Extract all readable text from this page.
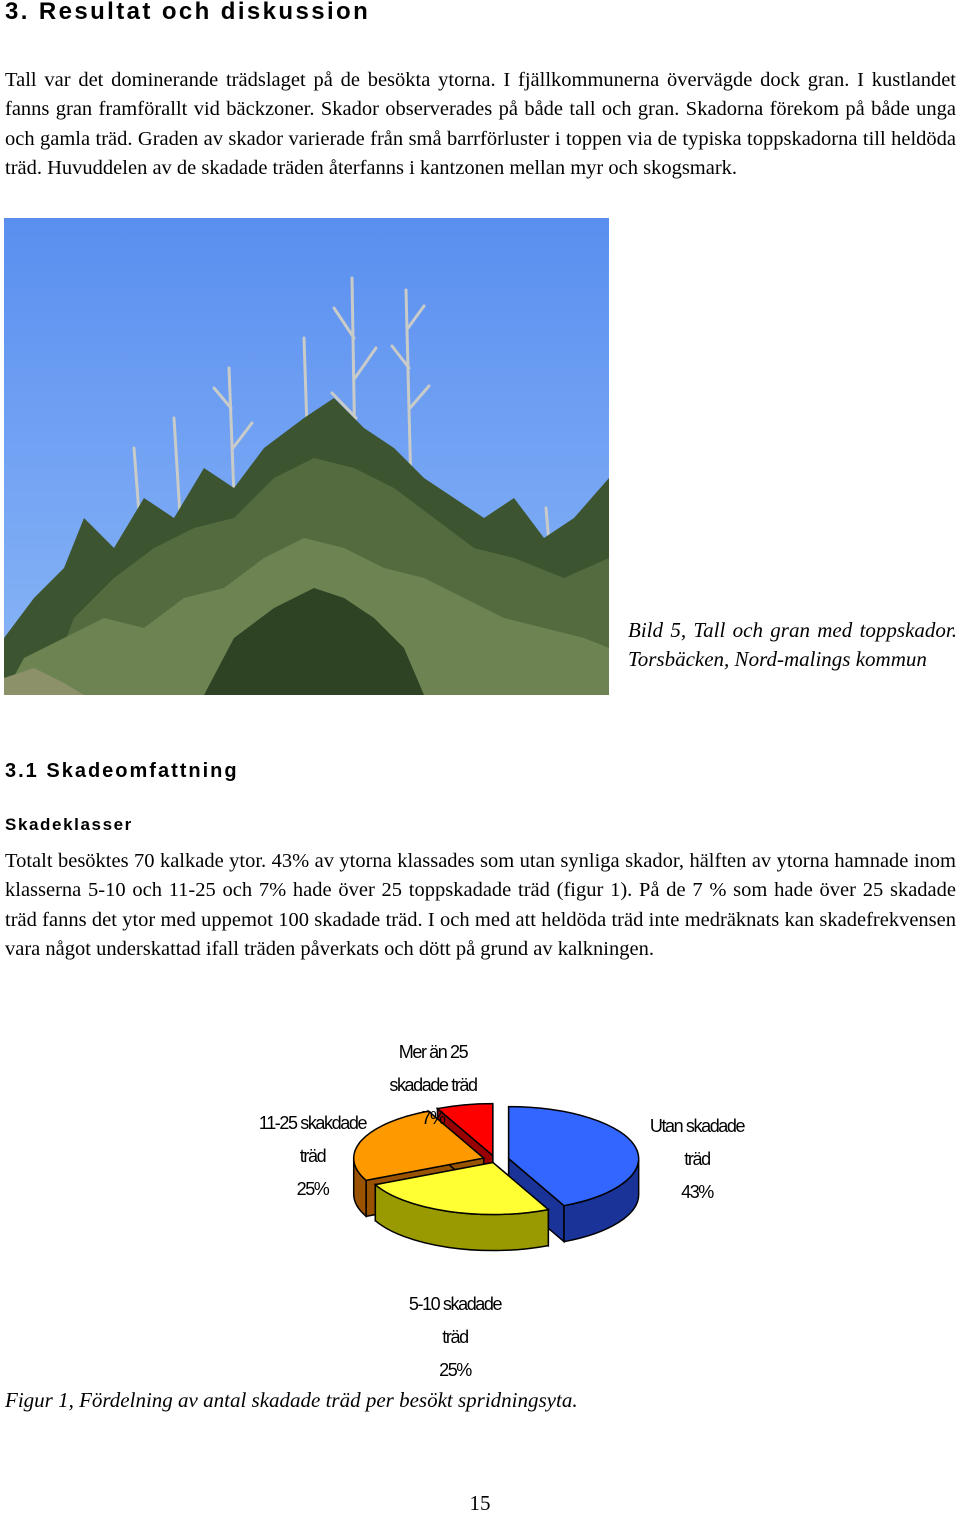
3. Resultat och diskussion

Tall var det dominerande trädslaget på de besökta ytorna. I fjällkommunerna övervägde dock gran. I kustlandet fanns gran framförallt vid bäckzoner. Skador observerades på både tall och gran. Skadorna förekom på både unga och gamla träd. Graden av skador varierade från små barrförluster i toppen via de typiska toppskadorna till heldöda träd. Huvuddelen av de skadade träden återfanns i kantzonen mellan myr och skogsmark.

Bild 5, Tall och gran med toppskador. Torsbäcken, Nord-malings kommun

3.1 Skadeomfattning
Skadeklasser

Totalt besöktes 70 kalkade ytor. 43% av ytorna klassades som utan synliga skador, hälften av ytorna hamnade inom klasserna 5-10 och 11-25 och 7% hade över 25 toppskadade träd (figur 1). På de 7 % som hade över 25 skadade träd fanns det ytor med uppemot 100 skadade träd. I och med att heldöda träd inte medräknats kan skadefrekvensen vara något underskattad ifall träden påverkats och dött på grund av kalkningen.

Utan skadade
träd
43%
5-10 skadade
träd
25%
11-25 skakdade
träd
25%
Mer än 25
skadade träd
7%

Figur 1, Fördelning av antal skadade träd per besökt spridningsyta.

15
